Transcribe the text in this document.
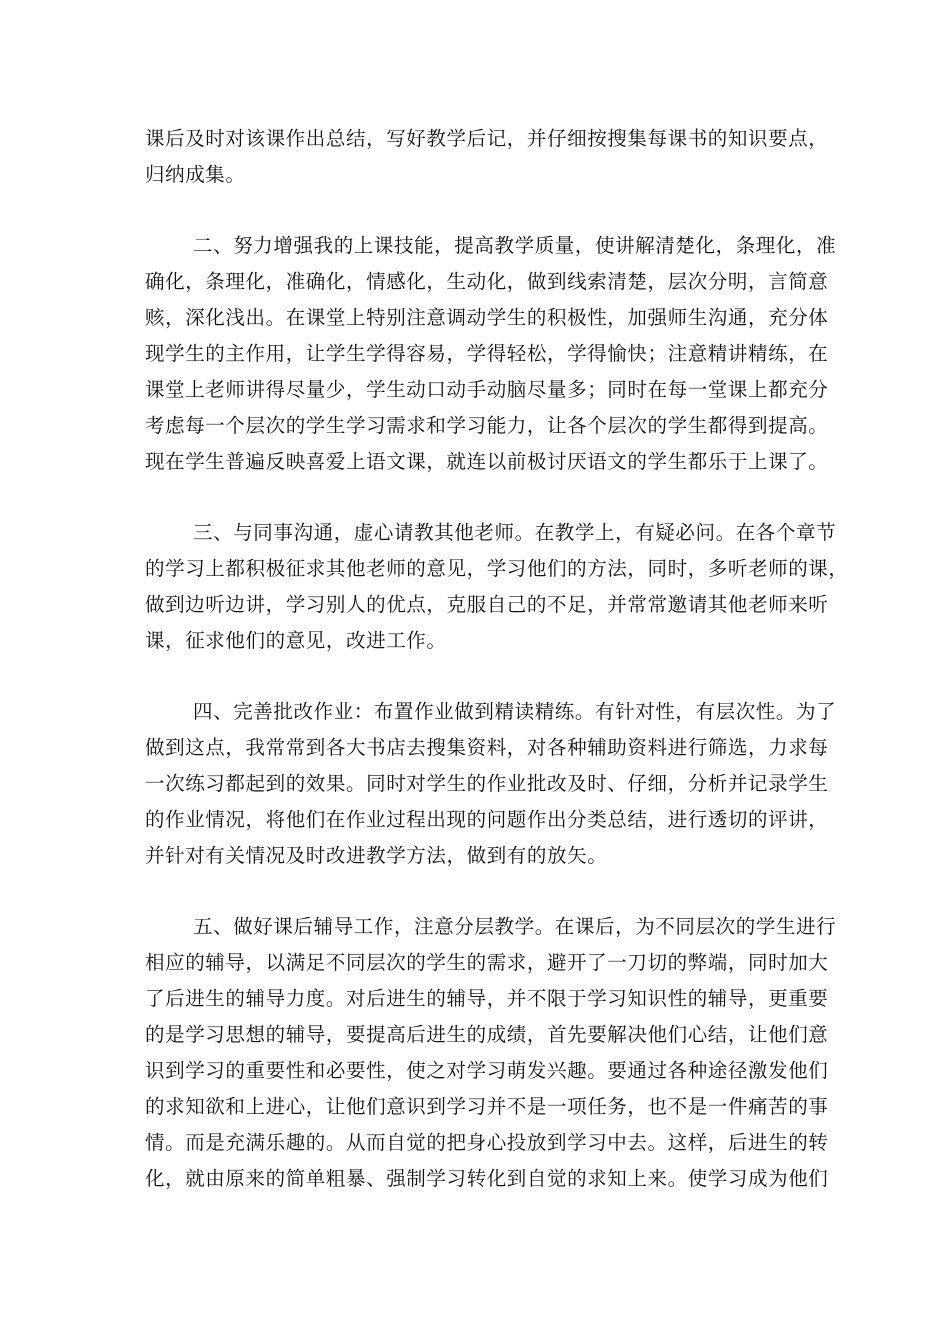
课后及时对该课作出总结，写好教学后记，并仔细按搜集每课书的知识要点，
归纳成集。
二、努力增强我的上课技能，提高教学质量，使讲解清楚化，条理化，准
确化，条理化，准确化，情感化，生动化，做到线索清楚，层次分明，言简意
赅，深化浅出。在课堂上特别注意调动学生的积极性，加强师生沟通，充分体
现学生的主作用，让学生学得容易，学得轻松，学得愉快；注意精讲精练，在
课堂上老师讲得尽量少，学生动口动手动脑尽量多；同时在每一堂课上都充分
考虑每一个层次的学生学习需求和学习能力，让各个层次的学生都得到提高。
现在学生普遍反映喜爱上语文课，就连以前极讨厌语文的学生都乐于上课了。
三、与同事沟通，虚心请教其他老师。在教学上，有疑必问。在各个章节
的学习上都积极征求其他老师的意见，学习他们的方法，同时，多听老师的课，
做到边听边讲，学习别人的优点，克服自己的不足，并常常邀请其他老师来听
课，征求他们的意见，改进工作。
四、完善批改作业：布置作业做到精读精练。有针对性，有层次性。为了
做到这点，我常常到各大书店去搜集资料，对各种辅助资料进行筛选，力求每
一次练习都起到的效果。同时对学生的作业批改及时、仔细，分析并记录学生
的作业情况，将他们在作业过程出现的问题作出分类总结，进行透切的评讲，
并针对有关情况及时改进教学方法，做到有的放矢。
五、做好课后辅导工作，注意分层教学。在课后，为不同层次的学生进行
相应的辅导，以满足不同层次的学生的需求，避开了一刀切的弊端，同时加大
了后进生的辅导力度。对后进生的辅导，并不限于学习知识性的辅导，更重要
的是学习思想的辅导，要提高后进生的成绩，首先要解决他们心结，让他们意
识到学习的重要性和必要性，使之对学习萌发兴趣。要通过各种途径激发他们
的求知欲和上进心，让他们意识到学习并不是一项任务，也不是一件痛苦的事
情。而是充满乐趣的。从而自觉的把身心投放到学习中去。这样，后进生的转
化，就由原来的简单粗暴、强制学习转化到自觉的求知上来。使学习成为他们
